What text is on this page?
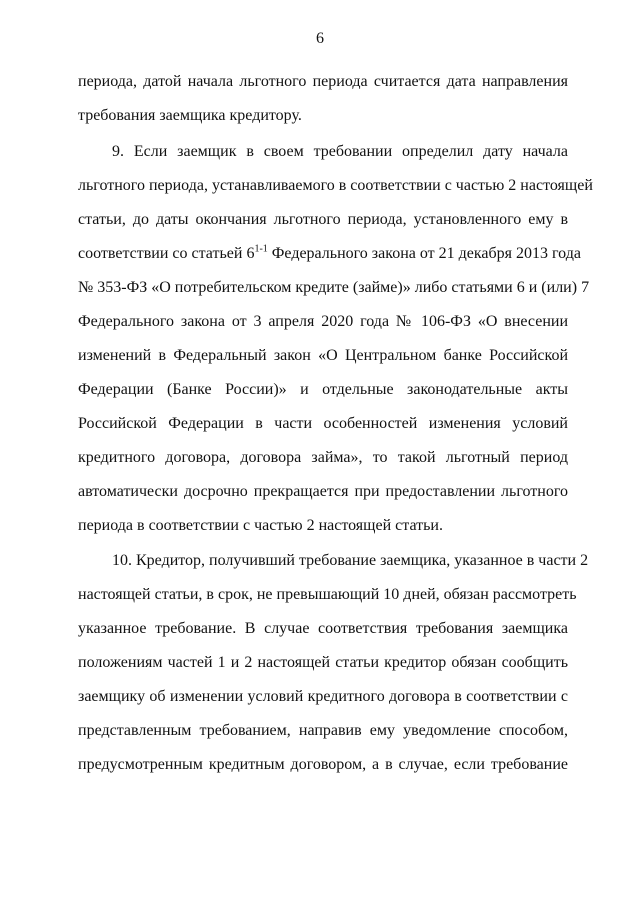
6

периода, датой начала льготного периода считается дата направления
требования заемщика кредитору.

9. Если заемщик в своем требовании определил дату начала
льготного периода, устанавливаемого в соответствии с частью 2 настоящей
статьи, до даты окончания льготного периода, установленного ему в
соответствии со статьей 6$^{1-1}$ Федерального закона от 21 декабря 2013 года
№ 353-ФЗ «О потребительском кредите (займе)» либо статьями 6 и (или) 7
Федерального закона от 3 апреля 2020 года № 106-ФЗ «О внесении
изменений в Федеральный закон «О Центральном банке Российской
Федерации (Банке России)» и отдельные законодательные акты
Российской Федерации в части особенностей изменения условий
кредитного договора, договора займа», то такой льготный период
автоматически досрочно прекращается при предоставлении льготного
периода в соответствии с частью 2 настоящей статьи.

10. Кредитор, получивший требование заемщика, указанное в части 2
настоящей статьи, в срок, не превышающий 10 дней, обязан рассмотреть
указанное требование. В случае соответствия требования заемщика
положениям частей 1 и 2 настоящей статьи кредитор обязан сообщить
заемщику об изменении условий кредитного договора в соответствии с
представленным требованием, направив ему уведомление способом,
предусмотренным кредитным договором, а в случае, если требование
